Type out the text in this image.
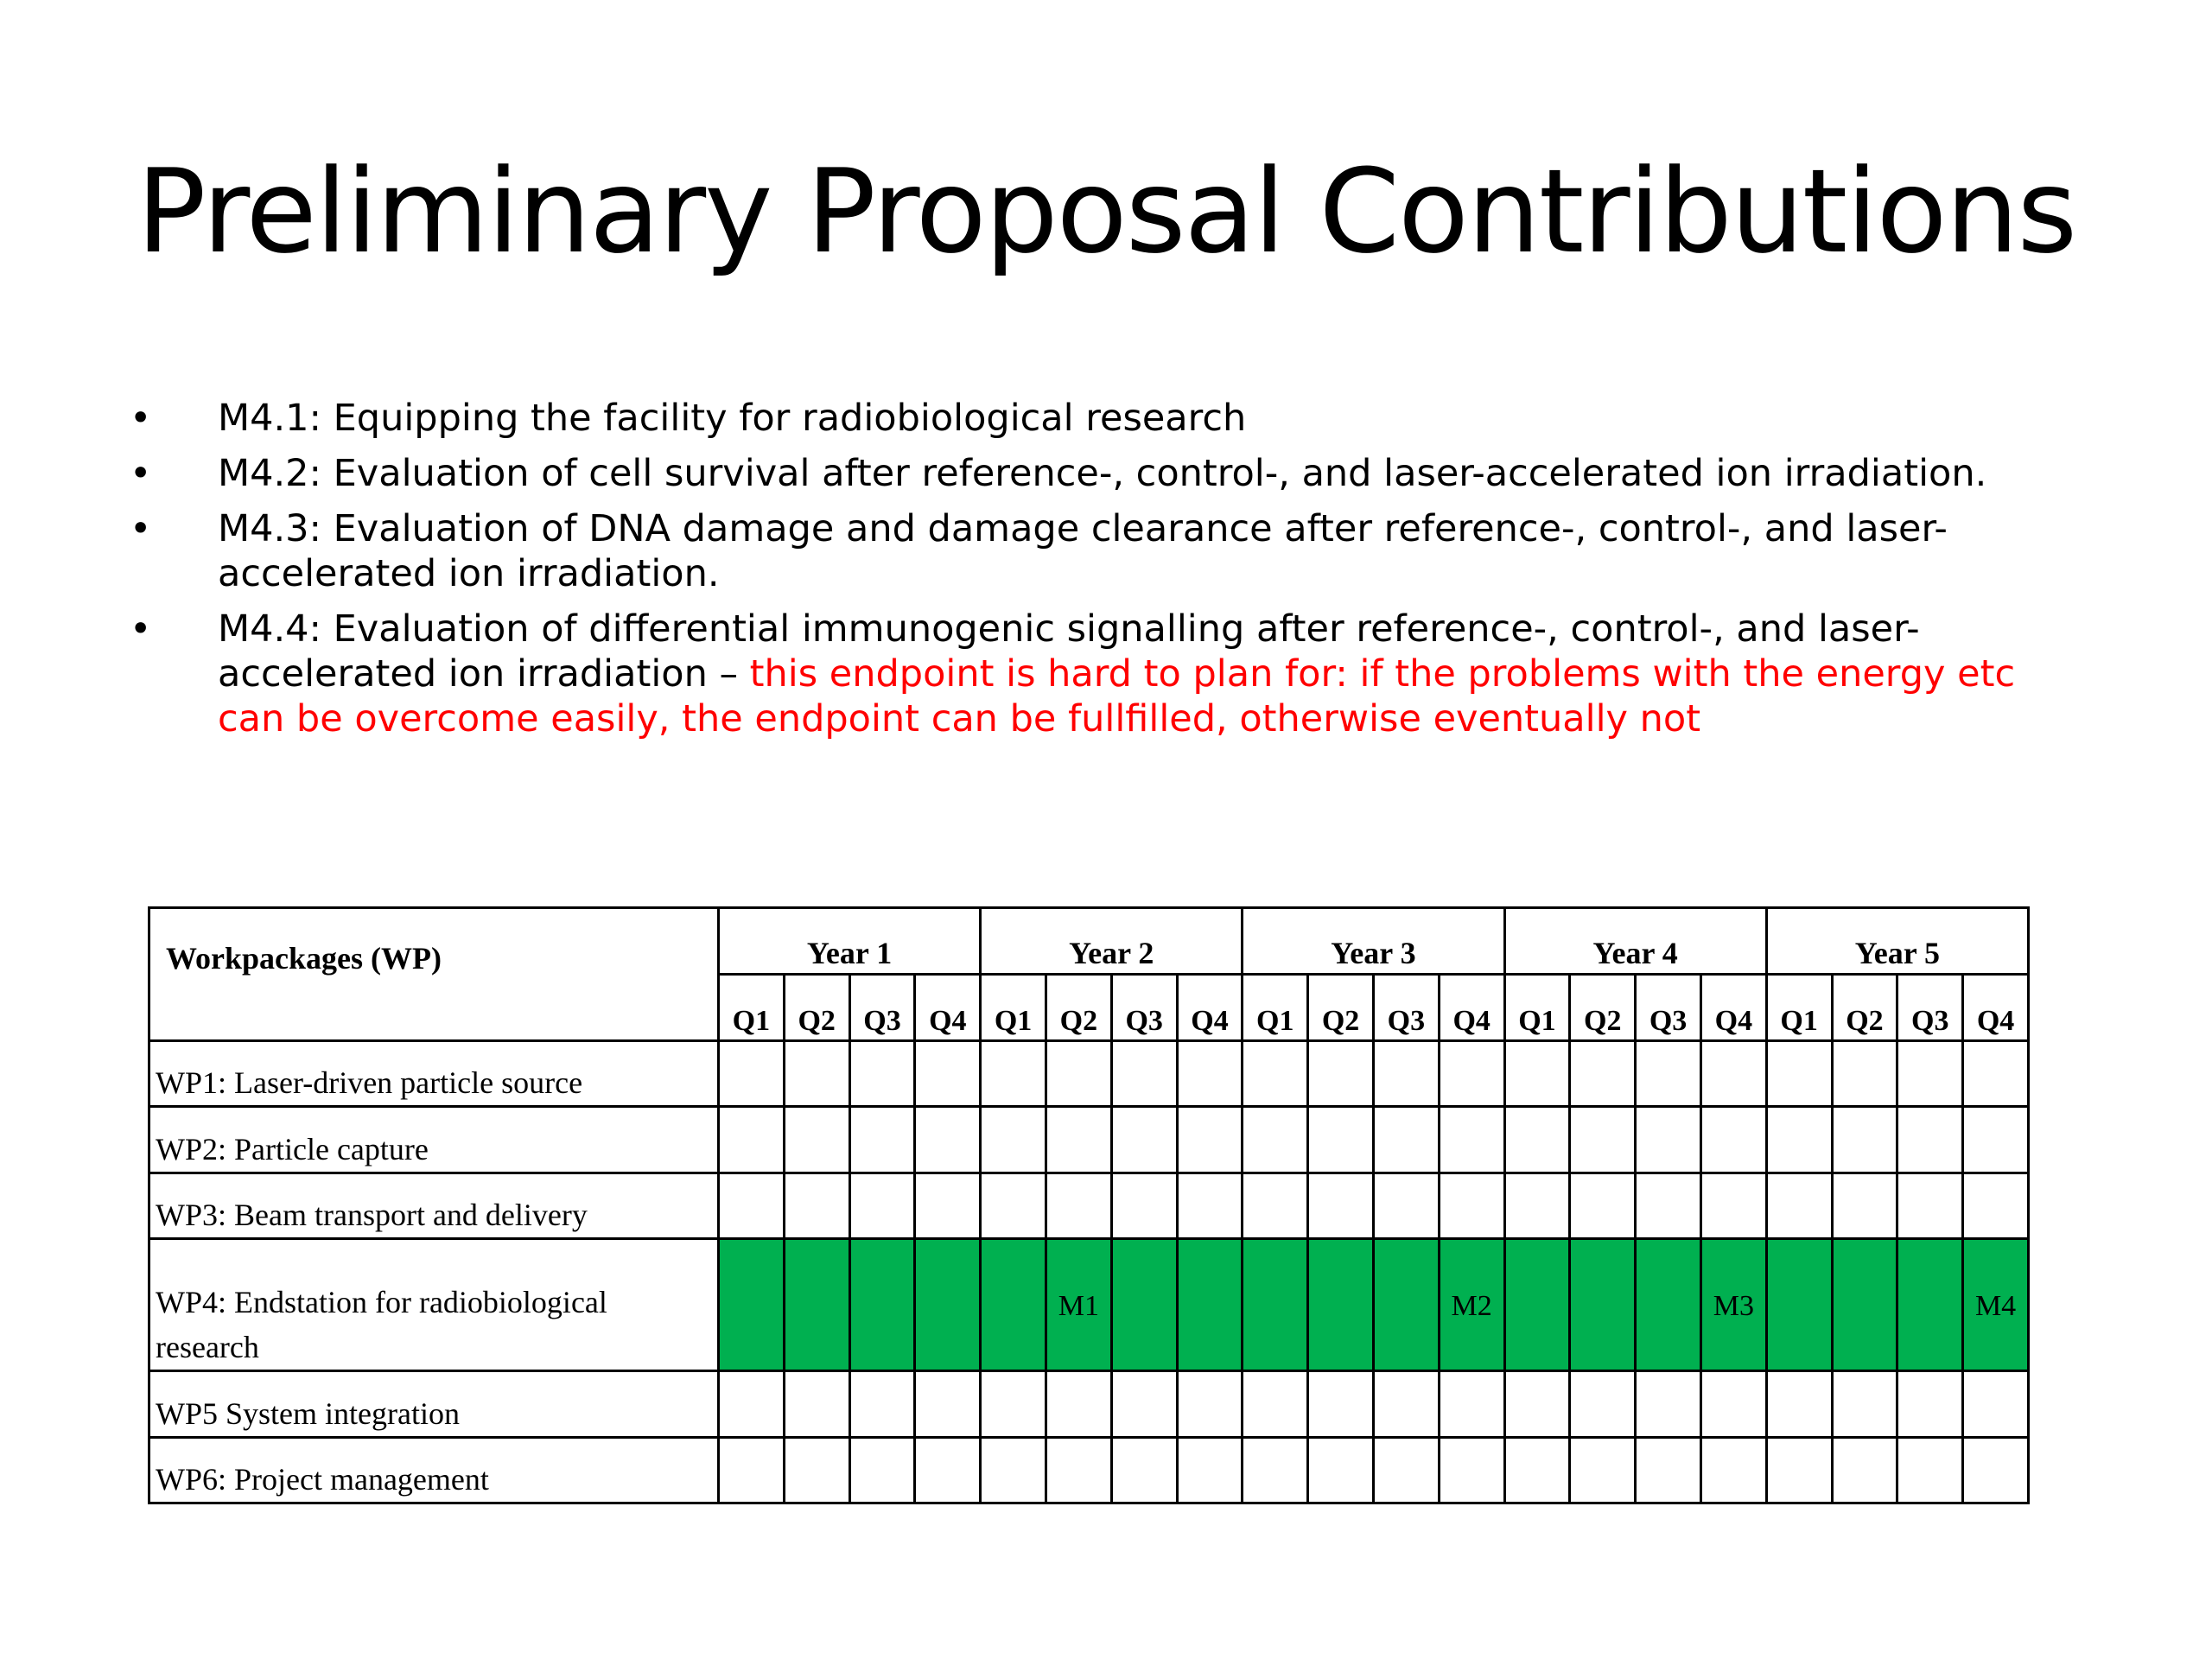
Preliminary Proposal Contributions
•	M4.1: Equipping the facility for radiobiological research
•	M4.2: Evaluation of cell survival after reference-, control-, and laser-accelerated ion irradiation.
•	M4.3: Evaluation of DNA damage and damage clearance after reference-, control-, and laser-accelerated ion irradiation.
•	M4.4: Evaluation of differential immunogenic signalling after reference-, control-, and laser-accelerated ion irradiation – this endpoint is hard to plan for: if the problems with the energy etc can be overcome easily, the endpoint can be fullfilled, otherwise eventually not
Workpackages (WP)	Year 1				Year 2				Year 3				Year 4				Year 5			
	Q1	Q2	Q3	Q4	Q1	Q2	Q3	Q4	Q1	Q2	Q3	Q4	Q1	Q2	Q3	Q4	Q1	Q2	Q3	Q4
WP1: Laser-driven particle source																				
WP2: Particle capture																				
WP3: Beam transport and delivery																				
WP4: Endstation for radiobiological research						M1						M2				M3				M4
WP5 System integration																				
WP6: Project management																				
